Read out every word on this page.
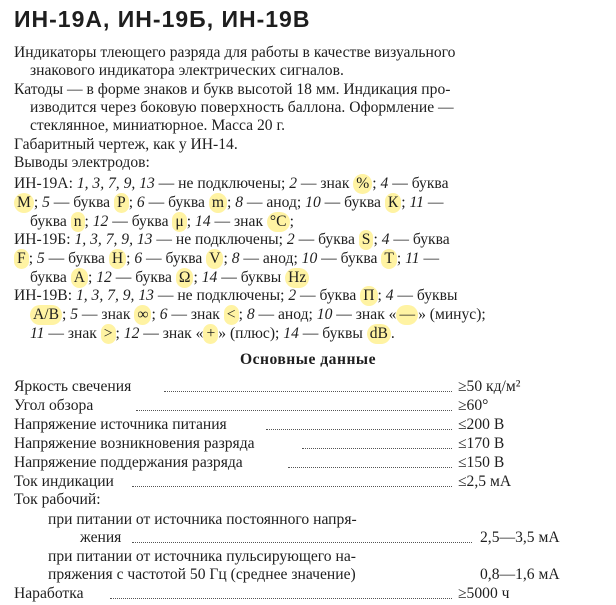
ИН-19А, ИН-19Б, ИН-19В
Индикаторы тлеющего разряда для работы в качестве визуального
знакового индикатора электрических сигналов.
Катоды — в форме знаков и букв высотой 18 мм. Индикация про-
изводится через боковую поверхность баллона. Оформление —
стеклянное, миниатюрное. Масса 20 г.
Габаритный чертеж, как у ИН-14.
Выводы электродов:
ИН-19А: 1, 3, 7, 9, 13 — не подключены; 2 — знак % ; 4 — буква
М ; 5 — буква Р ; 6 — буква m ; 8 — анод; 10 — буква К ; 11 —
буква n ; 12 — буква μ ; 14 — знак °С ;
ИН-19Б: 1, 3, 7, 9, 13 — не подключены; 2 — буква S ; 4 — буква
F ; 5 — буква Н ; 6 — буква V ; 8 — анод; 10 — буква Т ; 11 —
буква А ; 12 — буква Ω ; 14 — буквы Hz
ИН-19В: 1, 3, 7, 9, 13 — не подключены; 2 — буква П ; 4 — буквы
А/В ; 5 — знак ∞ ; 6 — знак < ; 8 — анод; 10 — знак « — » (минус);
11 — знак > ; 12 — знак « + » (плюс); 14 — буквы dB .
Основные данные
Яркость свечения	≥50 кд/м²
Угол обзора	≥60°
Напряжение источника питания	≤200 В
Напряжение возникновения разряда	≤170 В
Напряжение поддержания разряда	≤150 В
Ток индикации	≤2,5 мА
Ток рабочий:
при питании от источника постоянного напря-
жения	2,5—3,5 мА
при питании от источника пульсирующего на-
пряжения с частотой 50 Гц (среднее значение)	0,8—1,6 мА
Наработка	≥5000 ч
